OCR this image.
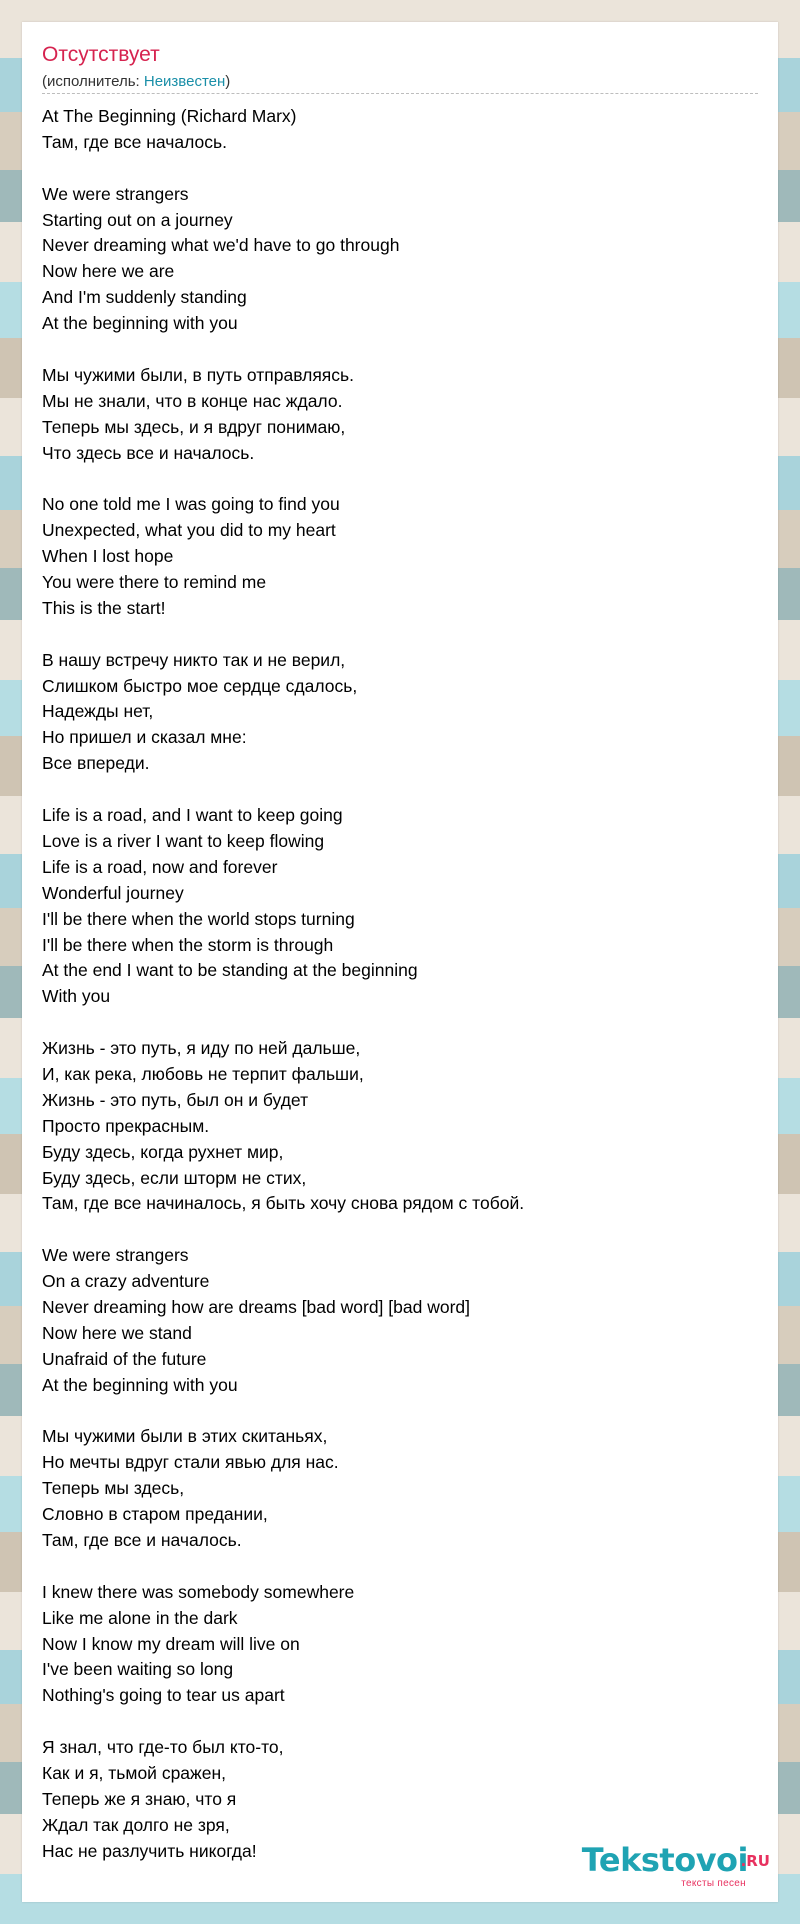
Отсутствует
(исполнитель: Неизвестен)
At The Beginning (Richard Marx)
Там, где все началось.
We were strangers
Starting out on a journey
Never dreaming what we'd have to go through
Now here we are
And I'm suddenly standing
At the beginning with you
Мы чужими были, в путь отправляясь.
Мы не знали, что в конце нас ждало.
Теперь мы здесь, и я вдруг понимаю,
Что здесь все и началось.
No one told me I was going to find you
Unexpected, what you did to my heart
When I lost hope
You were there to remind me
This is the start!
В нашу встречу никто так и не верил,
Слишком быстро мое сердце сдалось,
Надежды нет,
Но пришел и сказал мне:
Все впереди.
Life is a road, and I want to keep going
Love is a river I want to keep flowing
Life is a road, now and forever
Wonderful journey
I'll be there when the world stops turning
I'll be there when the storm is through
At the end I want to be standing at the beginning
With you
Жизнь - это путь, я иду по ней дальше,
И, как река, любовь не терпит фальши,
Жизнь - это путь, был он и будет
Просто прекрасным.
Буду здесь, когда рухнет мир,
Буду здесь, если шторм не стих,
Там, где все начиналось, я быть хочу снова рядом с тобой.
We were strangers
On a crazy adventure
Never dreaming how are dreams [bad word] [bad word]
Now here we stand
Unafraid of the future
At the beginning with you
Мы чужими были в этих скитаньях,
Но мечты вдруг стали явью для нас.
Теперь мы здесь,
Словно в старом предании,
Там, где все и началось.
I knew there was somebody somewhere
Like me alone in the dark
Now I know my dream will live on
I've been waiting so long
Nothing's going to tear us apart
Я знал, что где-то был кто-то,
Как и я, тьмой сражен,
Теперь же я знаю, что я
Ждал так долго не зря,
Нас не разлучить никогда!	Tekstovoi
.RU
тексты песен
